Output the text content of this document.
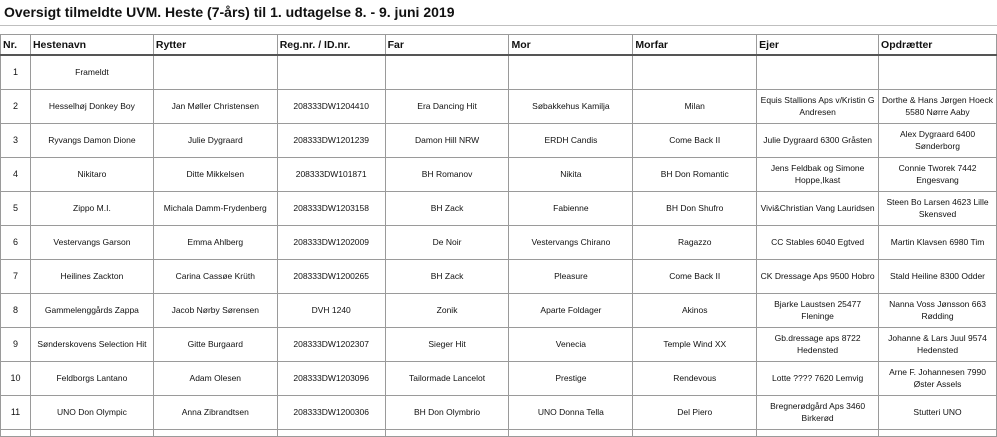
Oversigt tilmeldte UVM. Heste (7-års) til 1. udtagelse 8. - 9. juni 2019
Nr.	Hestenavn	Rytter	Reg.nr. / ID.nr.	Far	Mor	Morfar	Ejer	Opdrætter
1	Frameldt							
2	Hesselhøj Donkey Boy	Jan Møller Christensen	208333DW1204410	Era Dancing Hit	Søbakkehus Kamilja	Milan	Equis Stallions Aps v/Kristin G Andresen	Dorthe & Hans Jørgen Hoeck 5580 Nørre Aaby
3	Ryvangs Damon Dione	Julie Dygraard	208333DW1201239	Damon Hill NRW	ERDH Candis	Come Back II	Julie Dygraard 6300 Gråsten	Alex Dygraard 6400 Sønderborg
4	Nikitaro	Ditte Mikkelsen	208333DW101871	BH Romanov	Nikita	BH Don Romantic	Jens Feldbak og Simone Hoppe,Ikast	Connie Tworek 7442 Engesvang
5	Zippo M.I.	Michala Damm-Frydenberg	208333DW1203158	BH Zack	Fabienne	BH Don Shufro	Vivi&Christian Vang Lauridsen	Steen Bo Larsen 4623 Lille Skensved
6	Vestervangs Garson	Emma Ahlberg	208333DW1202009	De Noir	Vestervangs Chirano	Ragazzo	CC Stables 6040 Egtved	Martin Klavsen 6980 Tim
7	Heilines Zackton	Carina Cassøe Krüth	208333DW1200265	BH Zack	Pleasure	Come Back II	CK Dressage Aps 9500 Hobro	Stald Heiline 8300 Odder
8	Gammelenggårds Zappa	Jacob Nørby Sørensen	DVH 1240	Zonik	Aparte Foldager	Akinos	Bjarke Laustsen 25477 Fleninge	Nanna Voss Jønsson 663 Rødding
9	Sønderskovens Selection Hit	Gitte Burgaard	208333DW1202307	Sieger Hit	Venecia	Temple Wind XX	Gb.dressage aps 8722 Hedensted	Johanne & Lars Juul 9574 Hedensted
10	Feldborgs Lantano	Adam Olesen	208333DW1203096	Tailormade Lancelot	Prestige	Rendevous	Lotte ???? 7620 Lemvig	Arne F. Johannesen 7990 Øster Assels
11	UNO Don Olympic	Anna Zibrandtsen	208333DW1200306	BH Don Olymbrio	UNO Donna Tella	Del Piero	Bregnerødgård Aps 3460 Birkerød	Stutteri UNO
